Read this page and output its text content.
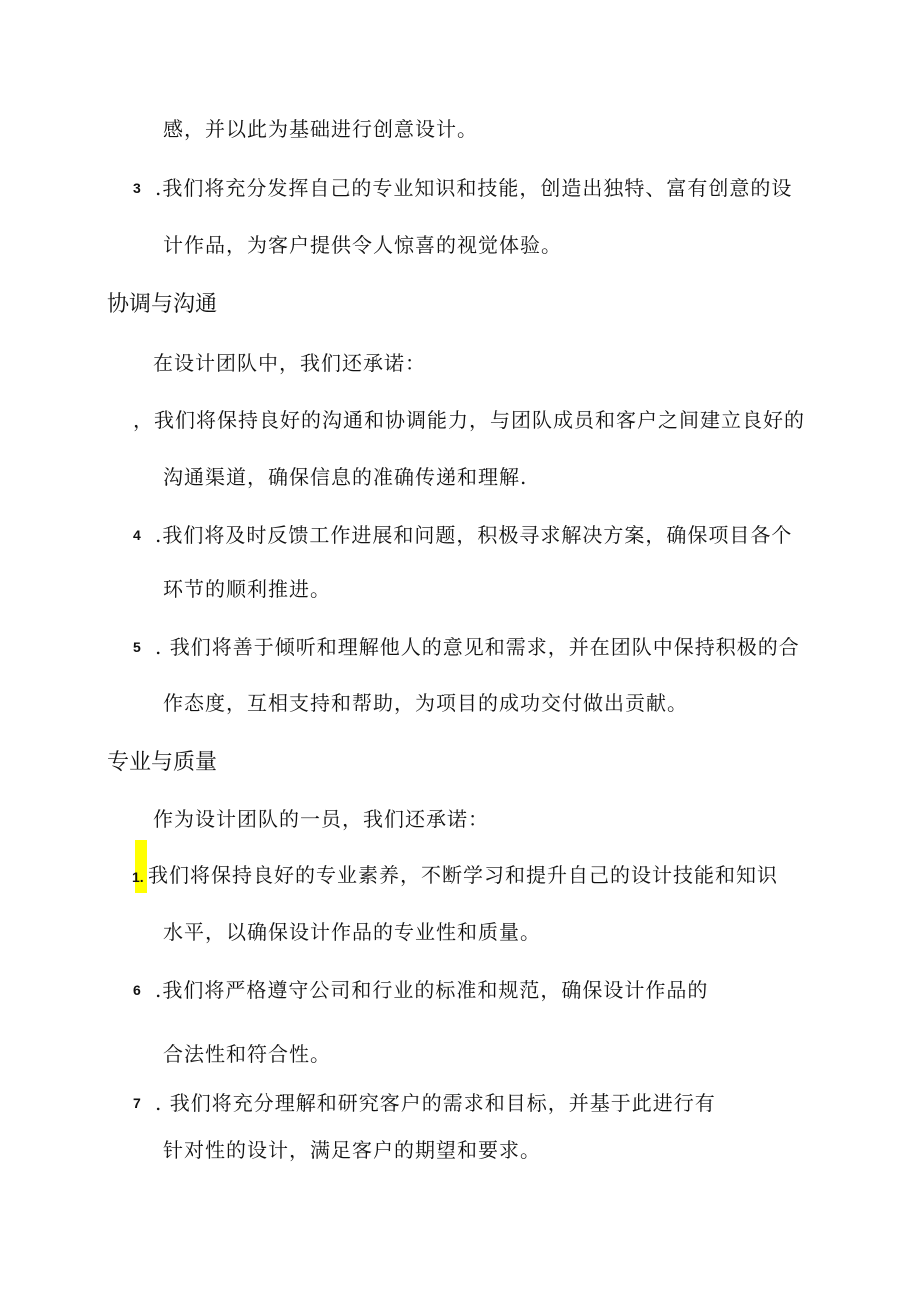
感，并以此为基础进行创意设计。
3 .我们将充分发挥自己的专业知识和技能，创造出独特、富有创意的设
计作品，为客户提供令人惊喜的视觉体验。
协调与沟通
在设计团队中，我们还承诺：
，我们将保持良好的沟通和协调能力，与团队成员和客户之间建立良好的
沟通渠道，确保信息的准确传递和理解.
4 .我们将及时反馈工作进展和问题，积极寻求解决方案，确保项目各个
环节的顺利推进。
5 . 我们将善于倾听和理解他人的意见和需求，并在团队中保持积极的合
作态度，互相支持和帮助，为项目的成功交付做出贡献。
专业与质量
作为设计团队的一员，我们还承诺：
1. 我们将保持良好的专业素养，不断学习和提升自己的设计技能和知识
水平，以确保设计作品的专业性和质量。
6 .我们将严格遵守公司和行业的标准和规范，确保设计作品的
合法性和符合性。
7 . 我们将充分理解和研究客户的需求和目标，并基于此进行有
针对性的设计，满足客户的期望和要求。
